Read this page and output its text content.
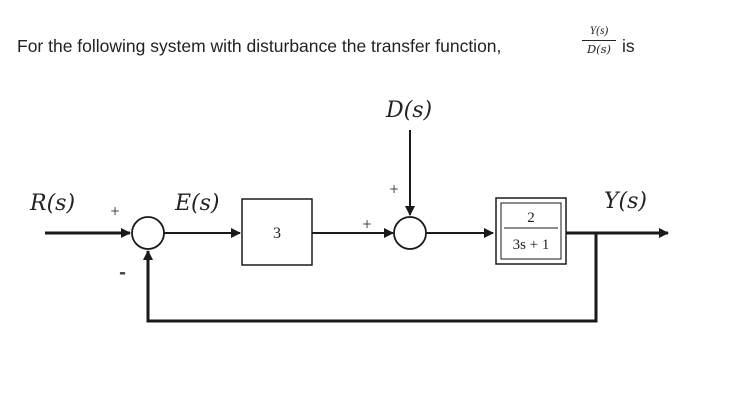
For the following system with disturbance the transfer function,
Y(s)
D(s) is
R(s)	E(s)
D(s)
Y(s)
+
-
+
+
3
2
3s + 1
